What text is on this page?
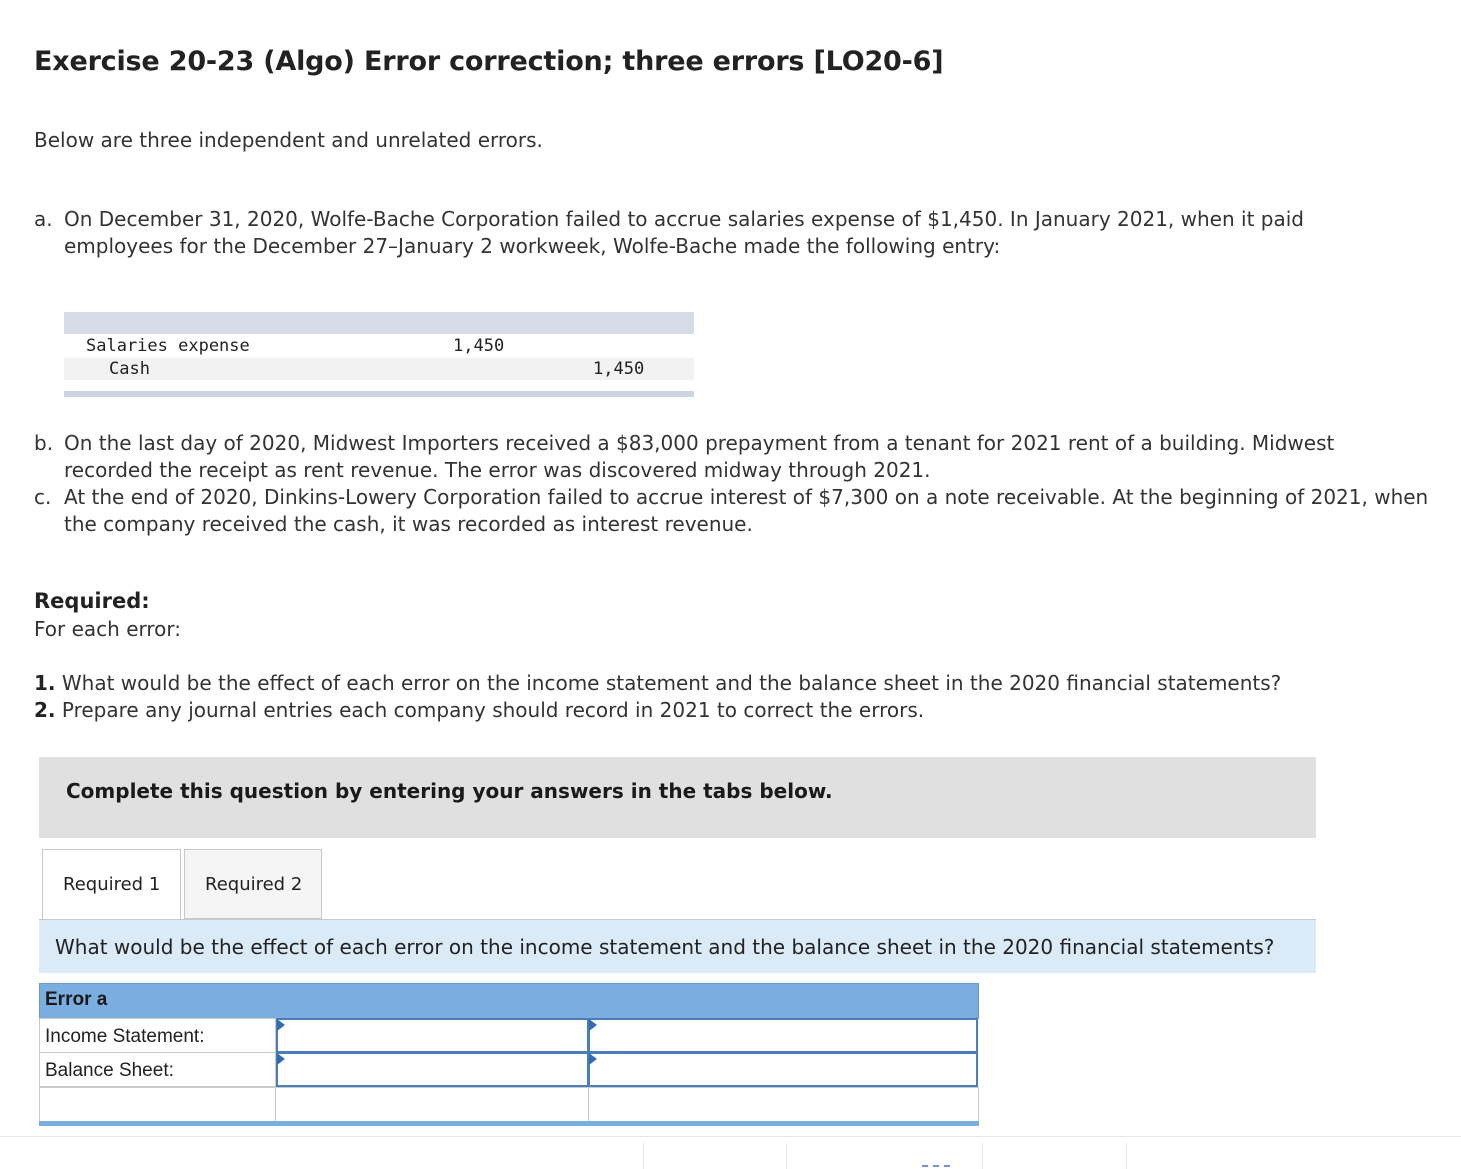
Exercise 20-23 (Algo) Error correction; three errors [LO20-6]
Below are three independent and unrelated errors.
a. On December 31, 2020, Wolfe-Bache Corporation failed to accrue salaries expense of $1,450. In January 2021, when it paid employees for the December 27–January 2 workweek, Wolfe-Bache made the following entry:
Salaries expense	1,450
Cash	1,450
b. On the last day of 2020, Midwest Importers received a $83,000 prepayment from a tenant for 2021 rent of a building. Midwest recorded the receipt as rent revenue. The error was discovered midway through 2021.
c. At the end of 2020, Dinkins-Lowery Corporation failed to accrue interest of $7,300 on a note receivable. At the beginning of 2021, when the company received the cash, it was recorded as interest revenue.
Required:
For each error:
1. What would be the effect of each error on the income statement and the balance sheet in the 2020 financial statements?
2. Prepare any journal entries each company should record in 2021 to correct the errors.
Complete this question by entering your answers in the tabs below.
Required 1 Required 2
What would be the effect of each error on the income statement and the balance sheet in the 2020 financial statements?
Error a
Income Statement:
Balance Sheet:
